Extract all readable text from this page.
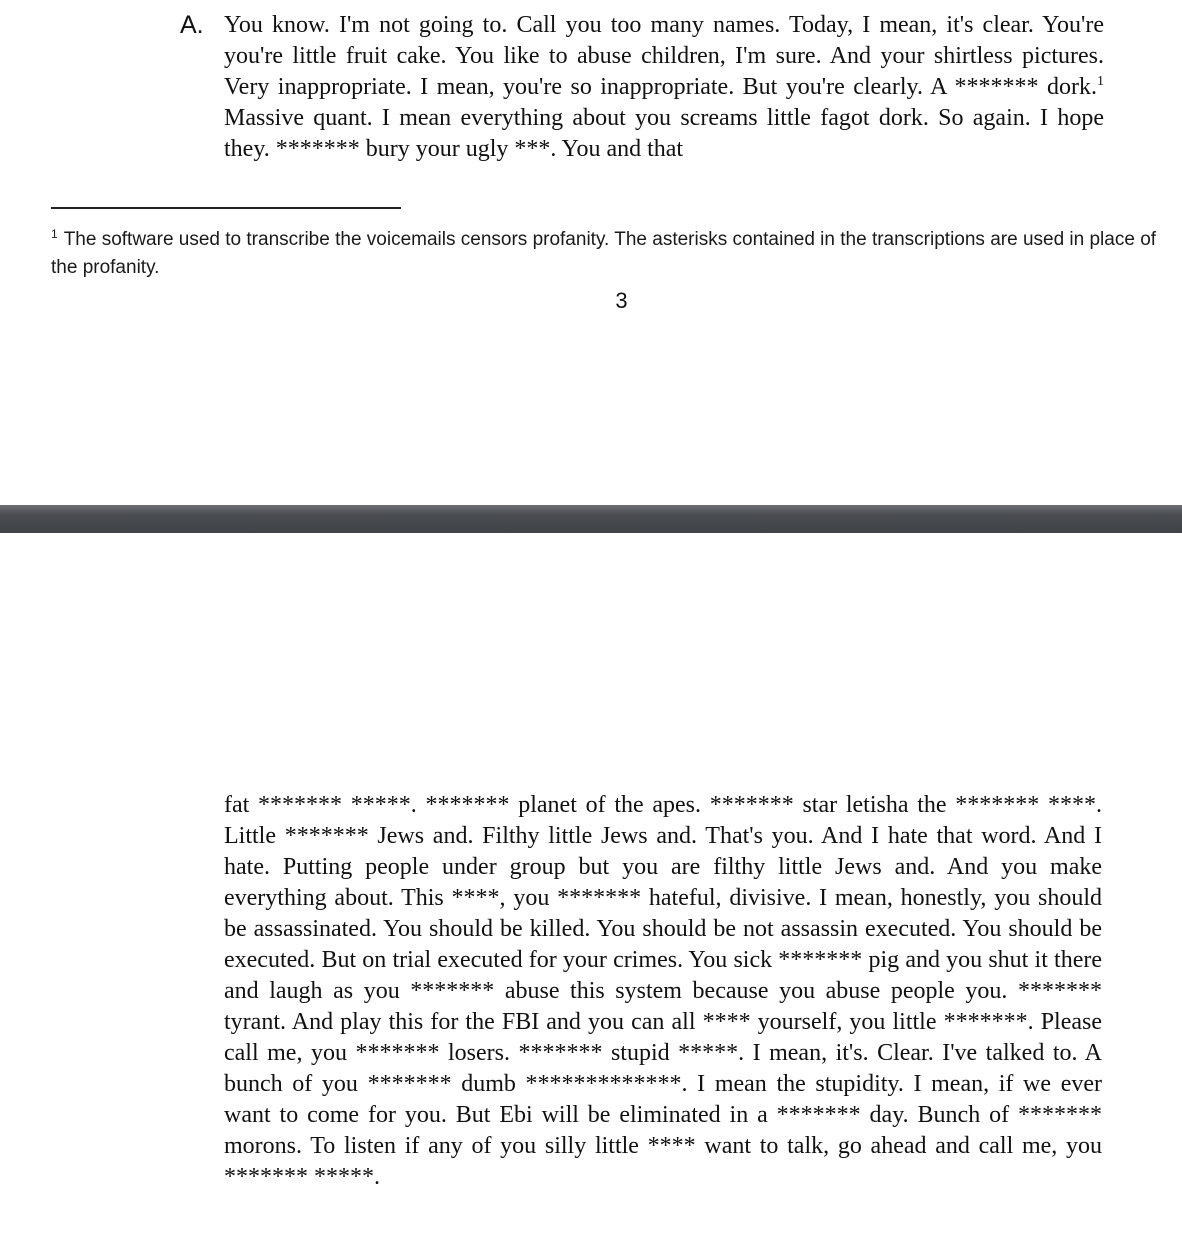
A. You know. I'm not going to. Call you too many names. Today, I mean, it's clear. You're you're little fruit cake. You like to abuse children, I'm sure. And your shirtless pictures. Very inappropriate. I mean, you're so inappropriate. But you're clearly. A ******* dork.$^1$ Massive quant. I mean everything about you screams little fagot dork. So again. I hope they. ******* bury your ugly ***. You and that

$^1$ The software used to transcribe the voicemails censors profanity. The asterisks contained in the transcriptions are used in place of the profanity.

3

fat ******* *****. ******* planet of the apes. ******* star letisha the ******* ****. Little ******* Jews and. Filthy little Jews and. That's you. And I hate that word. And I hate. Putting people under group but you are filthy little Jews and. And you make everything about. This ****, you ******* hateful, divisive. I mean, honestly, you should be assassinated. You should be killed. You should be not assassin executed. You should be executed. But on trial executed for your crimes. You sick ******* pig and you shut it there and laugh as you ******* abuse this system because you abuse people you. ******* tyrant. And play this for the FBI and you can all **** yourself, you little *******. Please call me, you ******* losers. ******* stupid *****. I mean, it's. Clear. I've talked to. A bunch of you ******* dumb *************. I mean the stupidity. I mean, if we ever want to come for you. But Ebi will be eliminated in a ******* day. Bunch of ******* morons. To listen if any of you silly little **** want to talk, go ahead and call me, you ******* *****.
